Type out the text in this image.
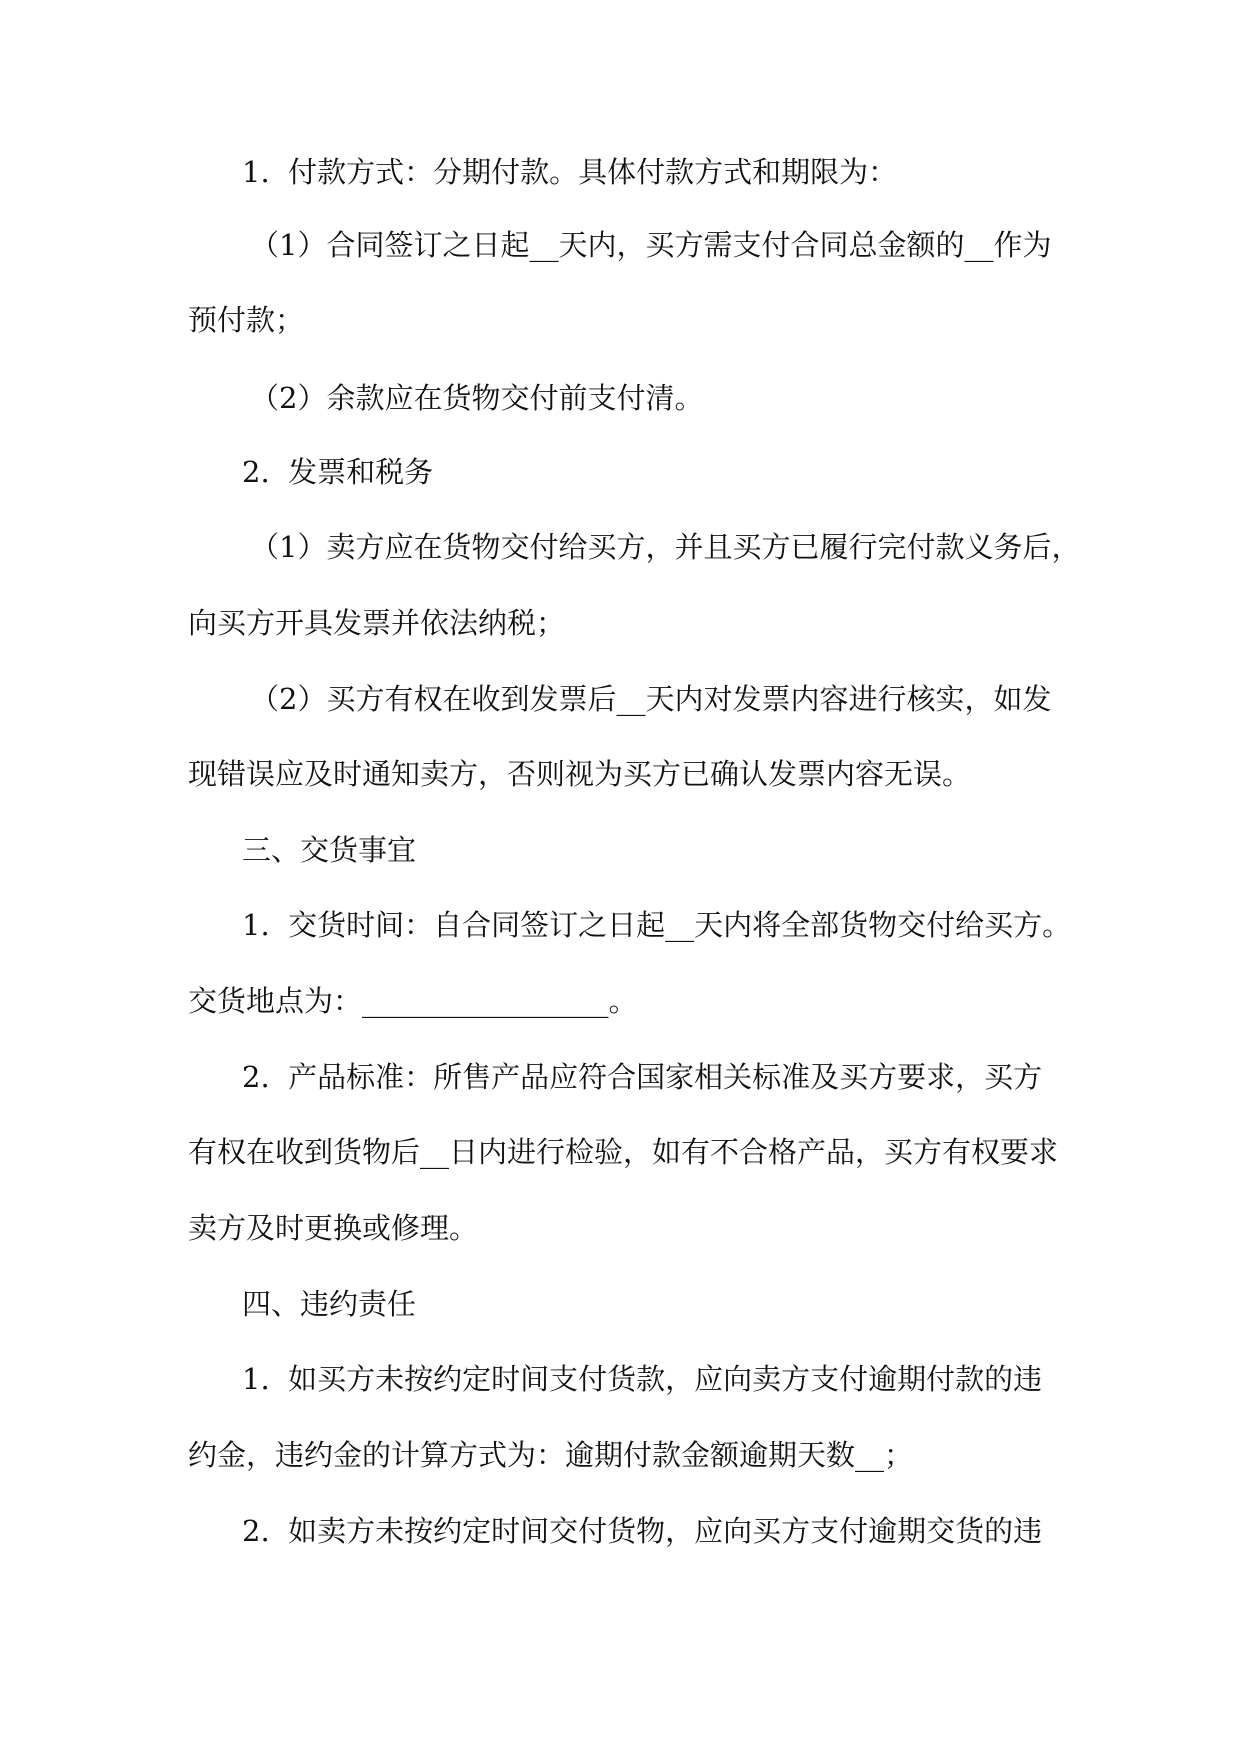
1.  付款方式：分期付款。具体付款方式和期限为：
（1）合同签订之日起__天内，买方需支付合同总金额的__作为
预付款；
（2）余款应在货物交付前支付清。
2.  发票和税务
（1）卖方应在货物交付给买方，并且买方已履行完付款义务后，
向买方开具发票并依法纳税；
（2）买方有权在收到发票后__天内对发票内容进行核实，如发
现错误应及时通知卖方，否则视为买方已确认发票内容无误。
三、交货事宜
1.  交货时间：自合同签订之日起__天内将全部货物交付给买方。
交货地点为：_________________。
2.  产品标准：所售产品应符合国家相关标准及买方要求，买方
有权在收到货物后__日内进行检验，如有不合格产品，买方有权要求
卖方及时更换或修理。
四、违约责任
1.  如买方未按约定时间支付货款，应向卖方支付逾期付款的违
约金，违约金的计算方式为：逾期付款金额逾期天数__；
2.  如卖方未按约定时间交付货物，应向买方支付逾期交货的违
